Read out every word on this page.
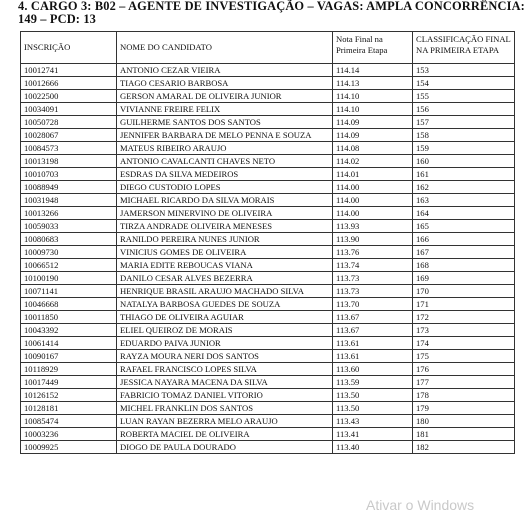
4. CARGO 3: B02 – AGENTE DE INVESTIGAÇÃO – VAGAS: AMPLA CONCORRÊNCIA:
149 – PCD: 13
INSCRIÇÃO	NOME DO CANDIDATO	Nota Final na Primeira Etapa	CLASSIFICAÇÃO FINAL NA PRIMEIRA ETAPA
10012741	ANTONIO CEZAR VIEIRA	114.14	153
10012666	TIAGO CESARIO BARBOSA	114.13	154
10022500	GERSON AMARAL DE OLIVEIRA JUNIOR	114.10	155
10034091	VIVIANNE FREIRE FELIX	114.10	156
10050728	GUILHERME SANTOS DOS SANTOS	114.09	157
10028067	JENNIFER BARBARA DE MELO PENNA E SOUZA	114.09	158
10084573	MATEUS RIBEIRO ARAUJO	114.08	159
10013198	ANTONIO CAVALCANTI CHAVES NETO	114.02	160
10010703	ESDRAS DA SILVA MEDEIROS	114.01	161
10088949	DIEGO CUSTODIO LOPES	114.00	162
10031948	MICHAEL RICARDO DA SILVA MORAIS	114.00	163
10013266	JAMERSON MINERVINO DE OLIVEIRA	114.00	164
10059033	TIRZA ANDRADE OLIVEIRA MENESES	113.93	165
10080683	RANILDO PEREIRA NUNES JUNIOR	113.90	166
10009730	VINICIUS GOMES DE OLIVEIRA	113.76	167
10066512	MARIA EDITE REBOUCAS VIANA	113.74	168
10100190	DANILO CESAR ALVES BEZERRA	113.73	169
10071141	HENRIQUE BRASIL ARAUJO MACHADO SILVA	113.73	170
10046668	NATALYA BARBOSA GUEDES DE SOUZA	113.70	171
10011850	THIAGO DE OLIVEIRA AGUIAR	113.67	172
10043392	ELIEL QUEIROZ DE MORAIS	113.67	173
10061414	EDUARDO PAIVA JUNIOR	113.61	174
10090167	RAYZA MOURA NERI DOS SANTOS	113.61	175
10118929	RAFAEL FRANCISCO LOPES SILVA	113.60	176
10017449	JESSICA NAYARA MACENA DA SILVA	113.59	177
10126152	FABRICIO TOMAZ DANIEL VITORIO	113.50	178
10128181	MICHEL FRANKLIN DOS SANTOS	113.50	179
10085474	LUAN RAYAN BEZERRA MELO ARAUJO	113.43	180
10003236	ROBERTA MACIEL DE OLIVEIRA	113.41	181
10009925	DIOGO DE PAULA DOURADO	113.40	182
Ativar o Windows
